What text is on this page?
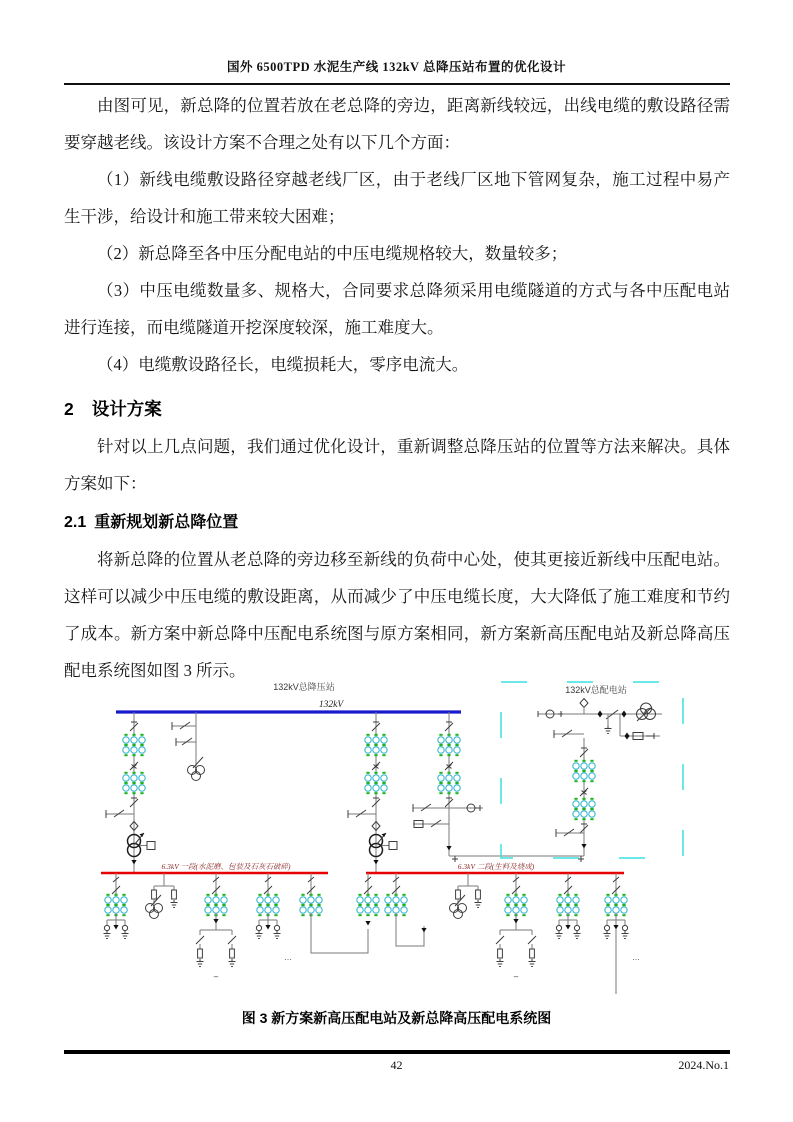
国外 6500TPD 水泥生产线 132kV 总降压站布置的优化设计

由图可见，新总降的位置若放在老总降的旁边，距离新线较远，出线电缆的敷设路径需要穿越老线。该设计方案不合理之处有以下几个方面：

（1）新线电缆敷设路径穿越老线厂区，由于老线厂区地下管网复杂，施工过程中易产生干涉，给设计和施工带来较大困难；

（2）新总降至各中压分配电站的中压电缆规格较大，数量较多；

（3）中压电缆数量多、规格大，合同要求总降须采用电缆隧道的方式与各中压配电站进行连接，而电缆隧道开挖深度较深，施工难度大。

（4）电缆敷设路径长，电缆损耗大，零序电流大。

2 设计方案

针对以上几点问题，我们通过优化设计，重新调整总降压站的位置等方法来解决。具体方案如下：

2.1 重新规划新总降位置

将新总降的位置从老总降的旁边移至新线的负荷中心处，使其更接近新线中压配电站。这样可以减少中压电缆的敷设距离，从而减少了中压电缆长度，大大降低了施工难度和节约了成本。新方案中新总降中压配电系统图与原方案相同，新方案新高压配电站及新总降高压配电系统图如图 3 所示。

132kV总降压站
132kV
132kV总配电站
6.3kV 一段(水泥磨、包装及石灰石破碎)	6.3kV 二段(生料及烧成)
–	–
…	…
图 3 新方案新高压配电站及新总降高压配电系统图
42	2024.No.1
